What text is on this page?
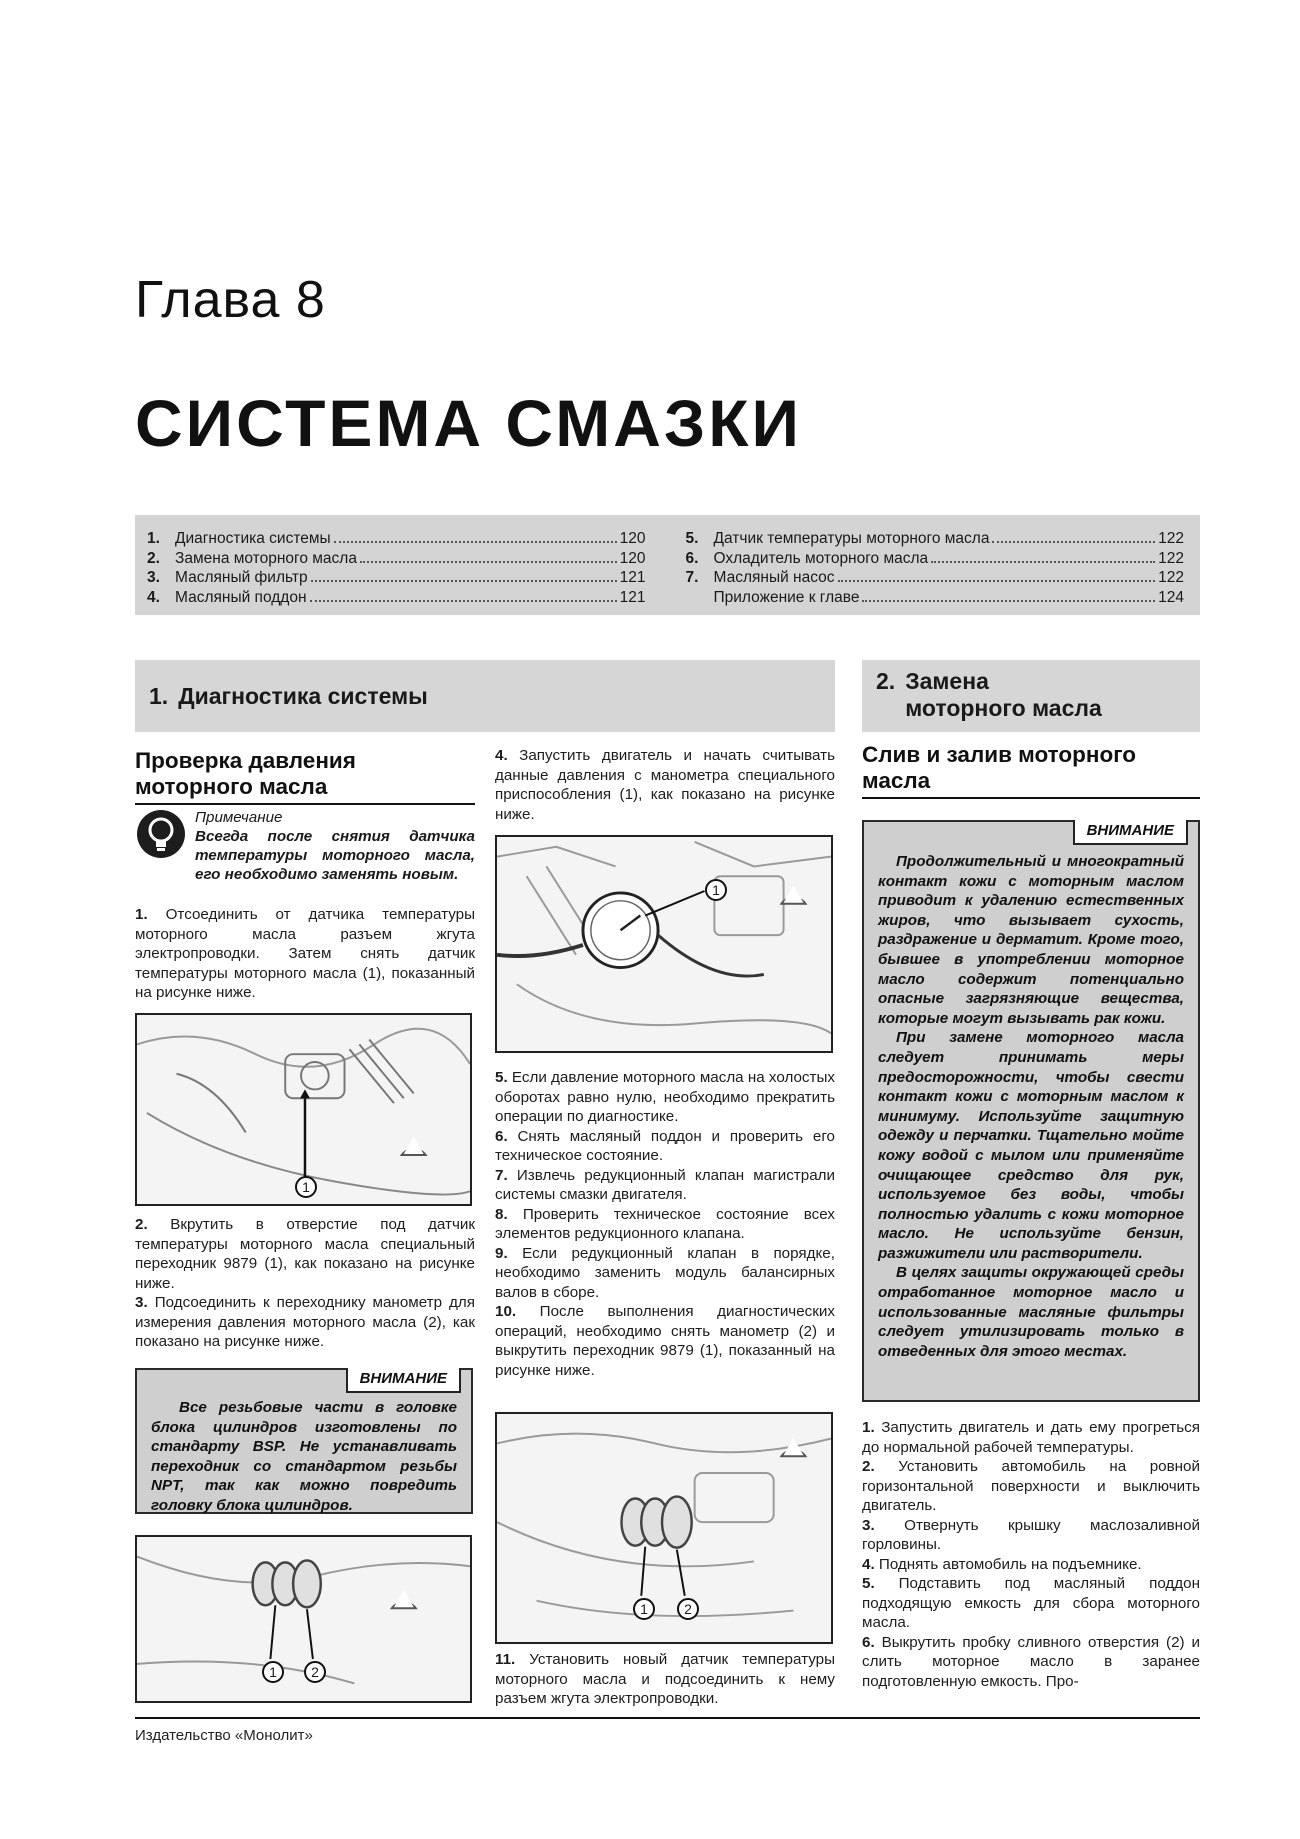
Глава 8
СИСТЕМА СМАЗКИ
1. Диагностика системы	120
2. Замена моторного масла	120
3. Масляный фильтр	121
4. Масляный поддон	121
5. Датчик температуры моторного масла	122
6. Охладитель моторного масла	122
7. Масляный насос	122
Приложение к главе	124
1. Диагностика системы
2. Замена
моторного масла
Проверка давления моторного масла
Примечание
Всегда после снятия датчика температуры моторного масла, его необходимо заменять новым.

1. Отсоединить от датчика температуры моторного масла разъем жгута электропроводки. Затем снять датчик температуры моторного масла (1), показанный на рисунке ниже.

1

2. Вкрутить в отверстие под датчик температуры моторного масла специальный переходник 9879 (1), как показано на рисунке ниже.

3. Подсоединить к переходнику манометр для измерения давления моторного масла (2), как показано на рисунке ниже.

ВНИМАНИЕ

Все резьбовые части в головке блока цилиндров изготовлены по стандарту BSP. Не устанавливать переходник со стандартом резьбы NPT, так как можно повредить головку блока цилиндров.

1	2

4. Запустить двигатель и начать считывать данные давления с манометра специального приспособления (1), как показано на рисунке ниже.

1

5. Если давление моторного масла на холостых оборотах равно нулю, необходимо прекратить операции по диагностике.

6. Снять масляный поддон и проверить его техническое состояние.

7. Извлечь редукционный клапан магистрали системы смазки двигателя.

8. Проверить техническое состояние всех элементов редукционного клапана.

9. Если редукционный клапан в порядке, необходимо заменить модуль балансирных валов в сборе.

10. После выполнения диагностических операций, необходимо снять манометр (2) и выкрутить переходник 9879 (1), показанный на рисунке ниже.

1	2

11. Установить новый датчик температуры моторного масла и подсоединить к нему разъем жгута электропроводки.

Слив и залив моторного масла
ВНИМАНИЕ

Продолжительный и многократный контакт кожи с моторным маслом приводит к удалению естественных жиров, что вызывает сухость, раздражение и дерматит. Кроме того, бывшее в употреблении моторное масло содержит потенциально опасные загрязняющие вещества, которые могут вызывать рак кожи.

При замене моторного масла следует принимать меры предосторожности, чтобы свести контакт кожи с моторным маслом к минимуму. Используйте защитную одежду и перчатки. Тщательно мойте кожу водой с мылом или применяйте очищающее средство для рук, используемое без воды, чтобы полностью удалить с кожи моторное масло. Не используйте бензин, разжижители или растворители.

В целях защиты окружающей среды отработанное моторное масло и использованные масляные фильтры следует утилизировать только в отведенных для этого местах.

1. Запустить двигатель и дать ему прогреться до нормальной рабочей температуры.

2. Установить автомобиль на ровной горизонтальной поверхности и выключить двигатель.

3. Отвернуть крышку маслозаливной горловины.

4. Поднять автомобиль на подъемнике.

5. Подставить под масляный поддон подходящую емкость для сбора моторного масла.

6. Выкрутить пробку сливного отверстия (2) и слить моторное масло в заранее подготовленную емкость. Про-

Издательство «Монолит»
